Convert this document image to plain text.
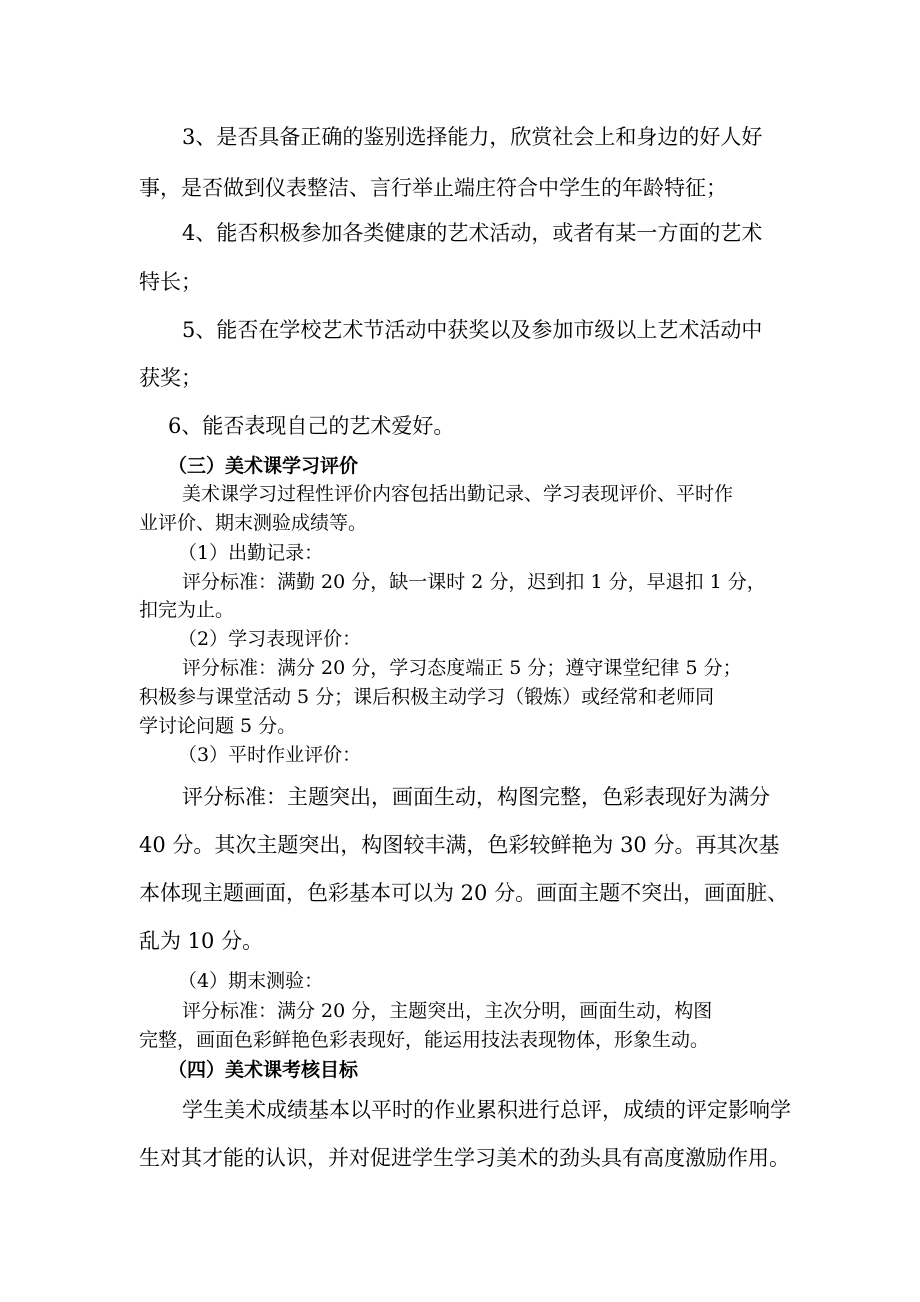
3、是否具备正确的鉴别选择能力，欣赏社会上和身边的好人好
事，是否做到仪表整洁、言行举止端庄符合中学生的年龄特征；
4、能否积极参加各类健康的艺术活动，或者有某一方面的艺术
特长；
5、能否在学校艺术节活动中获奖以及参加市级以上艺术活动中
获奖；
6、能否表现自己的艺术爱好。
（三）美术课学习评价
美术课学习过程性评价内容包括出勤记录、学习表现评价、平时作
业评价、期末测验成绩等。
（1）出勤记录：
评分标准：满勤 20 分，缺一课时 2 分，迟到扣 1 分，早退扣 1 分，
扣完为止。
（2）学习表现评价：
评分标准：满分 20 分，学习态度端正 5 分；遵守课堂纪律 5 分；
积极参与课堂活动 5 分；课后积极主动学习（锻炼）或经常和老师同
学讨论问题 5 分。
（3）平时作业评价：
评分标准：主题突出，画面生动，构图完整，色彩表现好为满分
40 分。其次主题突出，构图较丰满，色彩较鲜艳为 30 分。再其次基
本体现主题画面，色彩基本可以为 20 分。画面主题不突出，画面脏、
乱为 10 分。
（4）期末测验：
评分标准：满分 20 分，主题突出，主次分明，画面生动，构图
完整，画面色彩鲜艳色彩表现好，能运用技法表现物体，形象生动。
（四）美术课考核目标
学生美术成绩基本以平时的作业累积进行总评，成绩的评定影响学
生对其才能的认识，并对促进学生学习美术的劲头具有高度激励作用。
